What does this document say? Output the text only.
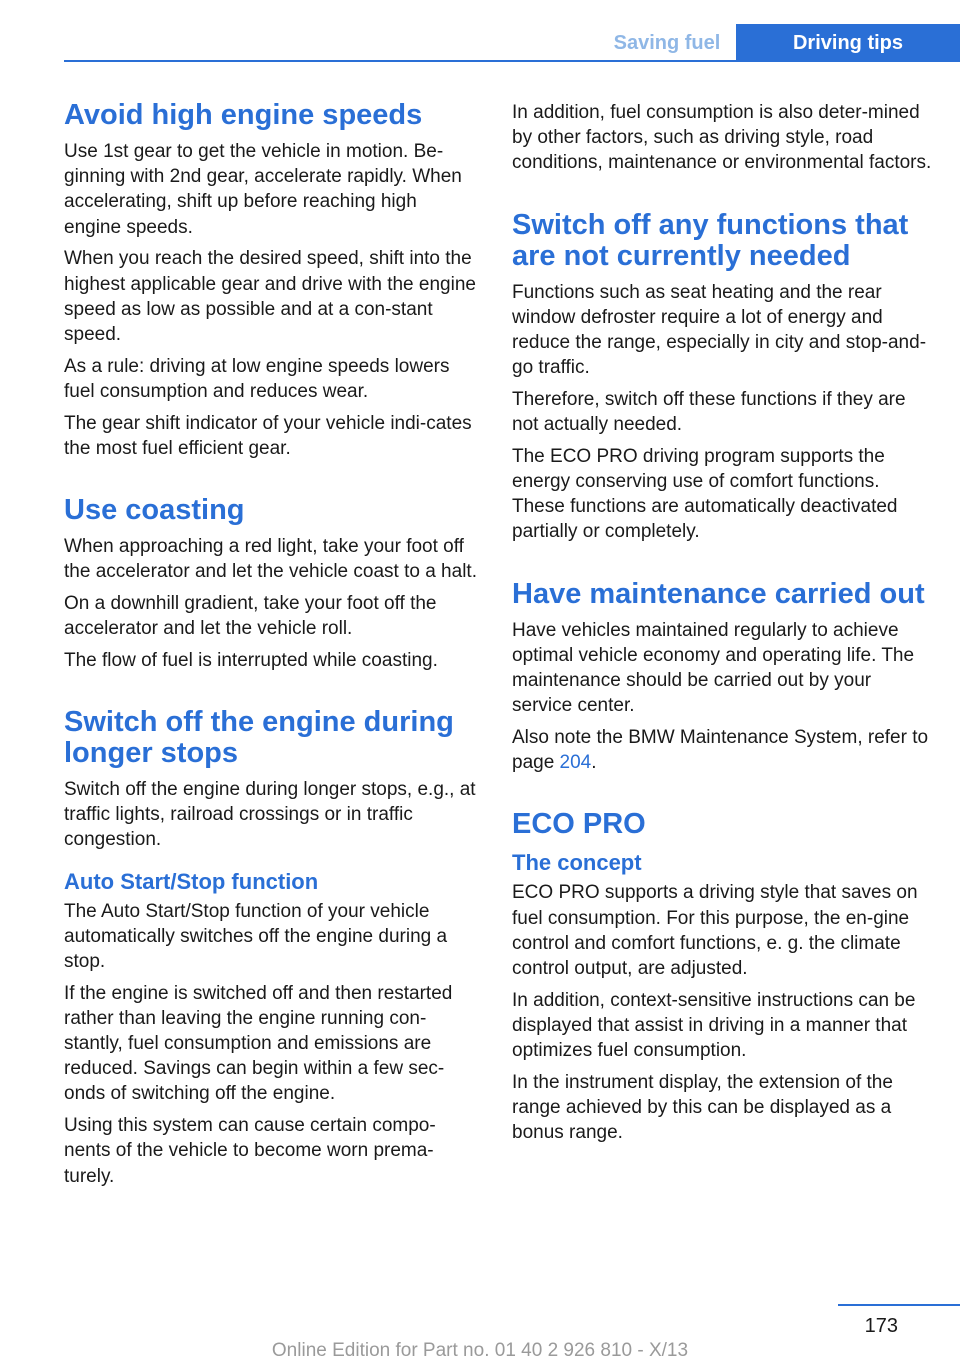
Saving fuel	Driving tips
Avoid high engine speeds

Use 1st gear to get the vehicle in motion. Be‐ginning with 2nd gear, accelerate rapidly. When accelerating, shift up before reaching high engine speeds.

When you reach the desired speed, shift into the highest applicable gear and drive with the engine speed as low as possible and at a con‐stant speed.

As a rule: driving at low engine speeds lowers fuel consumption and reduces wear.

The gear shift indicator of your vehicle indi‐cates the most fuel efficient gear.

Use coasting

When approaching a red light, take your foot off the accelerator and let the vehicle coast to a halt.

On a downhill gradient, take your foot off the accelerator and let the vehicle roll.

The flow of fuel is interrupted while coasting.

Switch off the engine during longer stops

Switch off the engine during longer stops, e.g., at traffic lights, railroad crossings or in traffic congestion.

Auto Start/Stop function

The Auto Start/Stop function of your vehicle automatically switches off the engine during a stop.

If the engine is switched off and then restarted rather than leaving the engine running con‐stantly, fuel consumption and emissions are reduced. Savings can begin within a few sec‐onds of switching off the engine.

Using this system can cause certain compo‐nents of the vehicle to become worn prema‐turely.

In addition, fuel consumption is also deter‐mined by other factors, such as driving style, road conditions, maintenance or environmental factors.

Switch off any functions that are not currently needed

Functions such as seat heating and the rear window defroster require a lot of energy and reduce the range, especially in city and stop-and-go traffic.

Therefore, switch off these functions if they are not actually needed.

The ECO PRO driving program supports the energy conserving use of comfort functions. These functions are automatically deactivated partially or completely.

Have maintenance carried out

Have vehicles maintained regularly to achieve optimal vehicle economy and operating life. The maintenance should be carried out by your service center.

Also note the BMW Maintenance System, refer to page 204.

ECO PRO
The concept

ECO PRO supports a driving style that saves on fuel consumption. For this purpose, the en‐gine control and comfort functions, e. g. the climate control output, are adjusted.

In addition, context-sensitive instructions can be displayed that assist in driving in a manner that optimizes fuel consumption.

In the instrument display, the extension of the range achieved by this can be displayed as a bonus range.

173
Online Edition for Part no. 01 40 2 926 810 - X/13
